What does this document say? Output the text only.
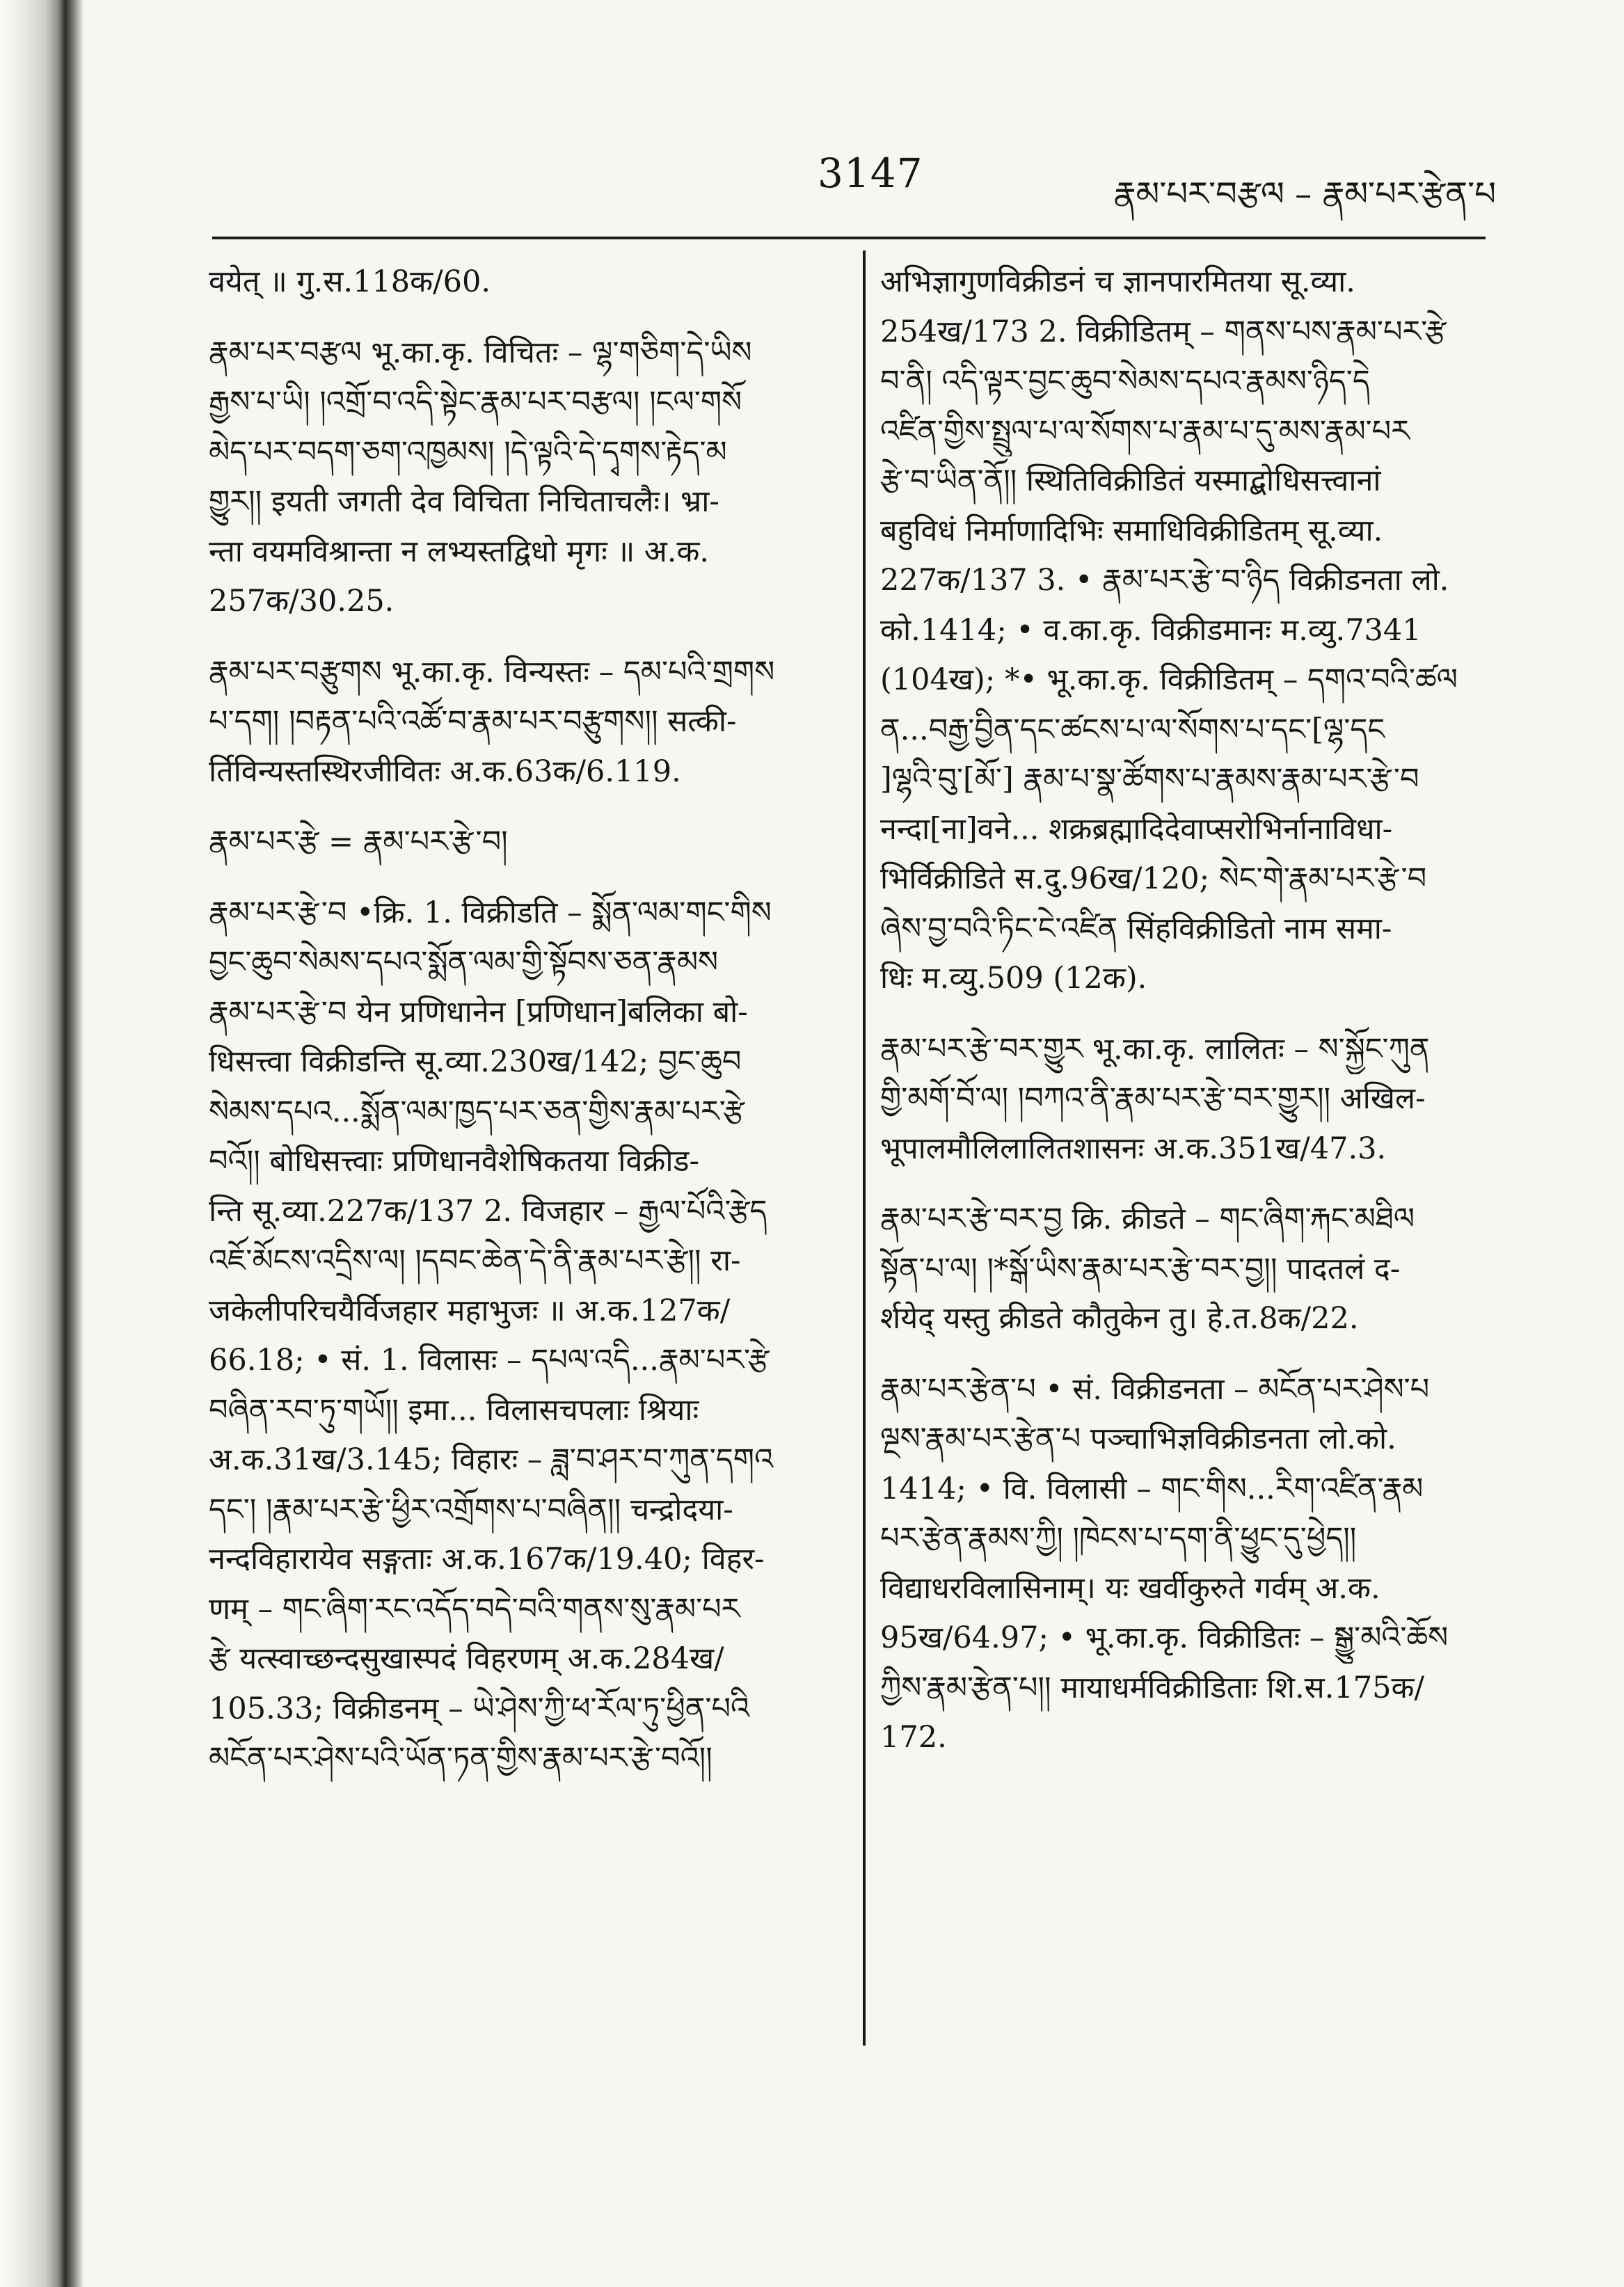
3147	རྣམ་པར་བརྩལ – རྣམ་པར་རྩེན་པ
वयेत् ॥ गु.स.118क/60.
རྣམ་པར་བརྩལ भू.का.कृ. विचितः – ལྷ་གཅིག་དེ་ཡིས
རྒྱས་པ་ཡི། །འགྲོ་བ་འདི་སྟེང་རྣམ་པར་བརྩལ། །ངལ་གསོ
མེད་པར་བདག་ཅག་འཁྱམས། །དེ་ལྟའི་དེ་དྭགས་རྟེད་མ
གྱུར།། इयती जगती देव विचिता निचिताचलैः। भ्रा-
न्ता वयमविश्रान्ता न लभ्यस्तद्विधो मृगः ॥ अ.क.
257क/30.25.
རྣམ་པར་བརྩུགས भू.का.कृ. विन्यस्तः – དམ་པའི་གྲགས
པ་དག། །བརྟན་པའི་འཚོ་བ་རྣམ་པར་བརྩུགས།། सत्की-
र्तिविन्यस्तस्थिरजीवितः अ.क.63क/6.119.
རྣམ་པར་རྩེ = རྣམ་པར་རྩེ་བ།
རྣམ་པར་རྩེ་བ •क्रि. 1. विक्रीडति – སྨོན་ལམ་གང་གིས
བྱང་ཆུབ་སེམས་དཔའ་སྨོན་ལམ་གྱི་སྟོབས་ཅན་རྣམས
རྣམ་པར་རྩེ་བ येन प्रणिधानेन [प्रणिधान]बलिका बो-
धिसत्त्वा विक्रीडन्ति सू.व्या.230ख/142; བྱང་ཆུབ
སེམས་དཔའ...སྨོན་ལམ་ཁྱད་པར་ཅན་གྱིས་རྣམ་པར་རྩེ
བའོ།། बोधिसत्त्वाः प्रणिधानवैशेषिकतया विक्रीड-
न्ति सू.व्या.227क/137 2. विजहार – རྒྱལ་པོའི་རྩེད
འཇོ་མོངས་འདྲིས་ལ། །དབང་ཆེན་དེ་ནི་རྣམ་པར་རྩེ།། रा-
जकेलीपरिचयैर्विजहार महाभुजः ॥ अ.क.127क/
66.18; • सं. 1. विलासः – དཔལ་འདི...རྣམ་པར་རྩེ
བཞིན་རབ་ཏུ་གཡོ།། इमा... विलासचपलाः श्रियाः
अ.क.31ख/3.145; विहारः – ཟླ་བ་ཤར་བ་ཀུན་དགའ
དང་། །རྣམ་པར་རྩེ་ཕྱིར་འགྲོགས་པ་བཞིན།། चन्द्रोदया-
नन्दविहारायेव सङ्गताः अ.क.167क/19.40; विहर-
णम् – གང་ཞིག་རང་འདོད་བདེ་བའི་གནས་སུ་རྣམ་པར
རྩེ यत्स्वाच्छन्दसुखास्पदं विहरणम् अ.क.284ख/
105.33; विक्रीडनम् – ཡེ་ཤེས་ཀྱི་ཕ་རོལ་ཏུ་ཕྱིན་པའི
མངོན་པར་ཤེས་པའི་ཡོན་ཏན་གྱིས་རྣམ་པར་རྩེ་བའོ།།
अभिज्ञागुणविक्रीडनं च ज्ञानपारमितया सू.व्या.
254ख/173 2. विक्रीडितम् – གནས་པས་རྣམ་པར་རྩེ
བ་ནི། འདི་ལྟར་བྱང་ཆུབ་སེམས་དཔའ་རྣམས་ཉིད་དེ
འཛིན་གྱིས་སྤྲུལ་པ་ལ་སོགས་པ་རྣམ་པ་དུ་མས་རྣམ་པར
རྩེ་བ་ཡིན་ནོ།། स्थितिविक्रीडितं यस्माद्बोधिसत्त्वानां
बहुविधं निर्माणादिभिः समाधिविक्रीडितम् सू.व्या.
227क/137 3. • རྣམ་པར་རྩེ་བ་ཉིད विक्रीडनता लो.
को.1414; • व.का.कृ. विक्रीडमानः म.व्यु.7341
(104ख); *• भू.का.कृ. विक्रीडितम् – དགའ་བའི་ཚལ
ན...བརྒྱ་བྱིན་དང་ཚངས་པ་ལ་སོགས་པ་དང་[ལྷ་དང
]ལྷའི་བུ་[མོ་] རྣམ་པ་སྣ་ཚོགས་པ་རྣམས་རྣམ་པར་རྩེ་བ
नन्दा[ना]वने... शक्रब्रह्मादिदेवाप्सरोभिर्नानाविधा-
भिर्विक्रीडिते स.दु.96ख/120; སེང་གེ་རྣམ་པར་རྩེ་བ
ཞེས་བྱ་བའི་ཏིང་ངེ་འཛིན सिंहविक्रीडितो नाम समा-
धिः म.व्यु.509 (12क).
རྣམ་པར་རྩེ་བར་གྱུར भू.का.कृ. लालितः – ས་སྐྱོང་ཀུན
གྱི་མགོ་བོ་ལ། །བཀའ་ནི་རྣམ་པར་རྩེ་བར་གྱུར།། अखिल-
भूपालमौलिलालितशासनः अ.क.351ख/47.3.
རྣམ་པར་རྩེ་བར་བྱ क्रि. क्रीडते – གང་ཞིག་རྐང་མཐིལ
སྟོན་པ་ལ། །*སྒོ་ཡིས་རྣམ་པར་རྩེ་བར་བྱ།། पादतलं द-
र्शयेद् यस्तु क्रीडते कौतुकेन तु। हे.त.8क/22.
རྣམ་པར་རྩེན་པ • सं. विक्रीडनता – མངོན་པར་ཤེས་པ
ལྔས་རྣམ་པར་རྩེན་པ पञ्चाभिज्ञविक्रीडनता लो.को.
1414; • वि. विलासी – གང་གིས...རིག་འཛིན་རྣམ
པར་རྩེན་རྣམས་ཀྱི། །ཁེངས་པ་དག་ནི་ཕྱུང་དུ་ཕྱེད།།
विद्याधरविलासिनाम्। यः खर्वीकुरुते गर्वम् अ.क.
95ख/64.97; • भू.का.कृ. विक्रीडितः – སྒྱུ་མའི་ཆོས
ཀྱིས་རྣམ་རྩེན་པ།། मायाधर्मविक्रीडिताः शि.स.175क/
172.
